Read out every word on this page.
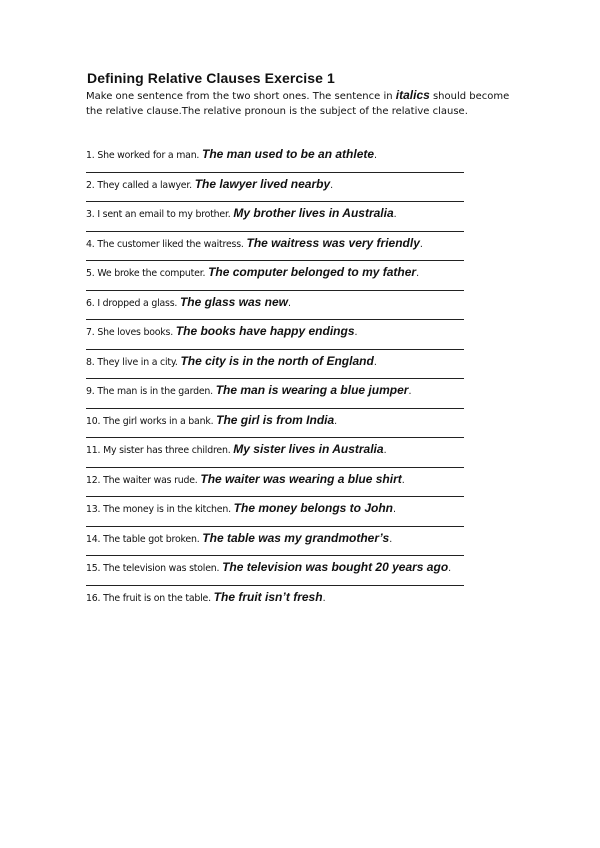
Defining Relative Clauses Exercise 1
Make one sentence from the two short ones. The sentence in italics should become the relative clause.The relative pronoun is the subject of the relative clause.
1. She worked for a man. The man used to be an athlete.
2. They called a lawyer. The lawyer lived nearby.
3. I sent an email to my brother. My brother lives in Australia.
4. The customer liked the waitress. The waitress was very friendly.
5. We broke the computer. The computer belonged to my father.
6. I dropped a glass. The glass was new.
7. She loves books. The books have happy endings.
8. They live in a city. The city is in the north of England.
9. The man is in the garden. The man is wearing a blue jumper.
10. The girl works in a bank. The girl is from India.
11. My sister has three children. My sister lives in Australia.
12. The waiter was rude. The waiter was wearing a blue shirt.
13. The money is in the kitchen. The money belongs to John.
14. The table got broken. The table was my grandmother’s.
15. The television was stolen. The television was bought 20 years ago.
16. The fruit is on the table. The fruit isn’t fresh.
